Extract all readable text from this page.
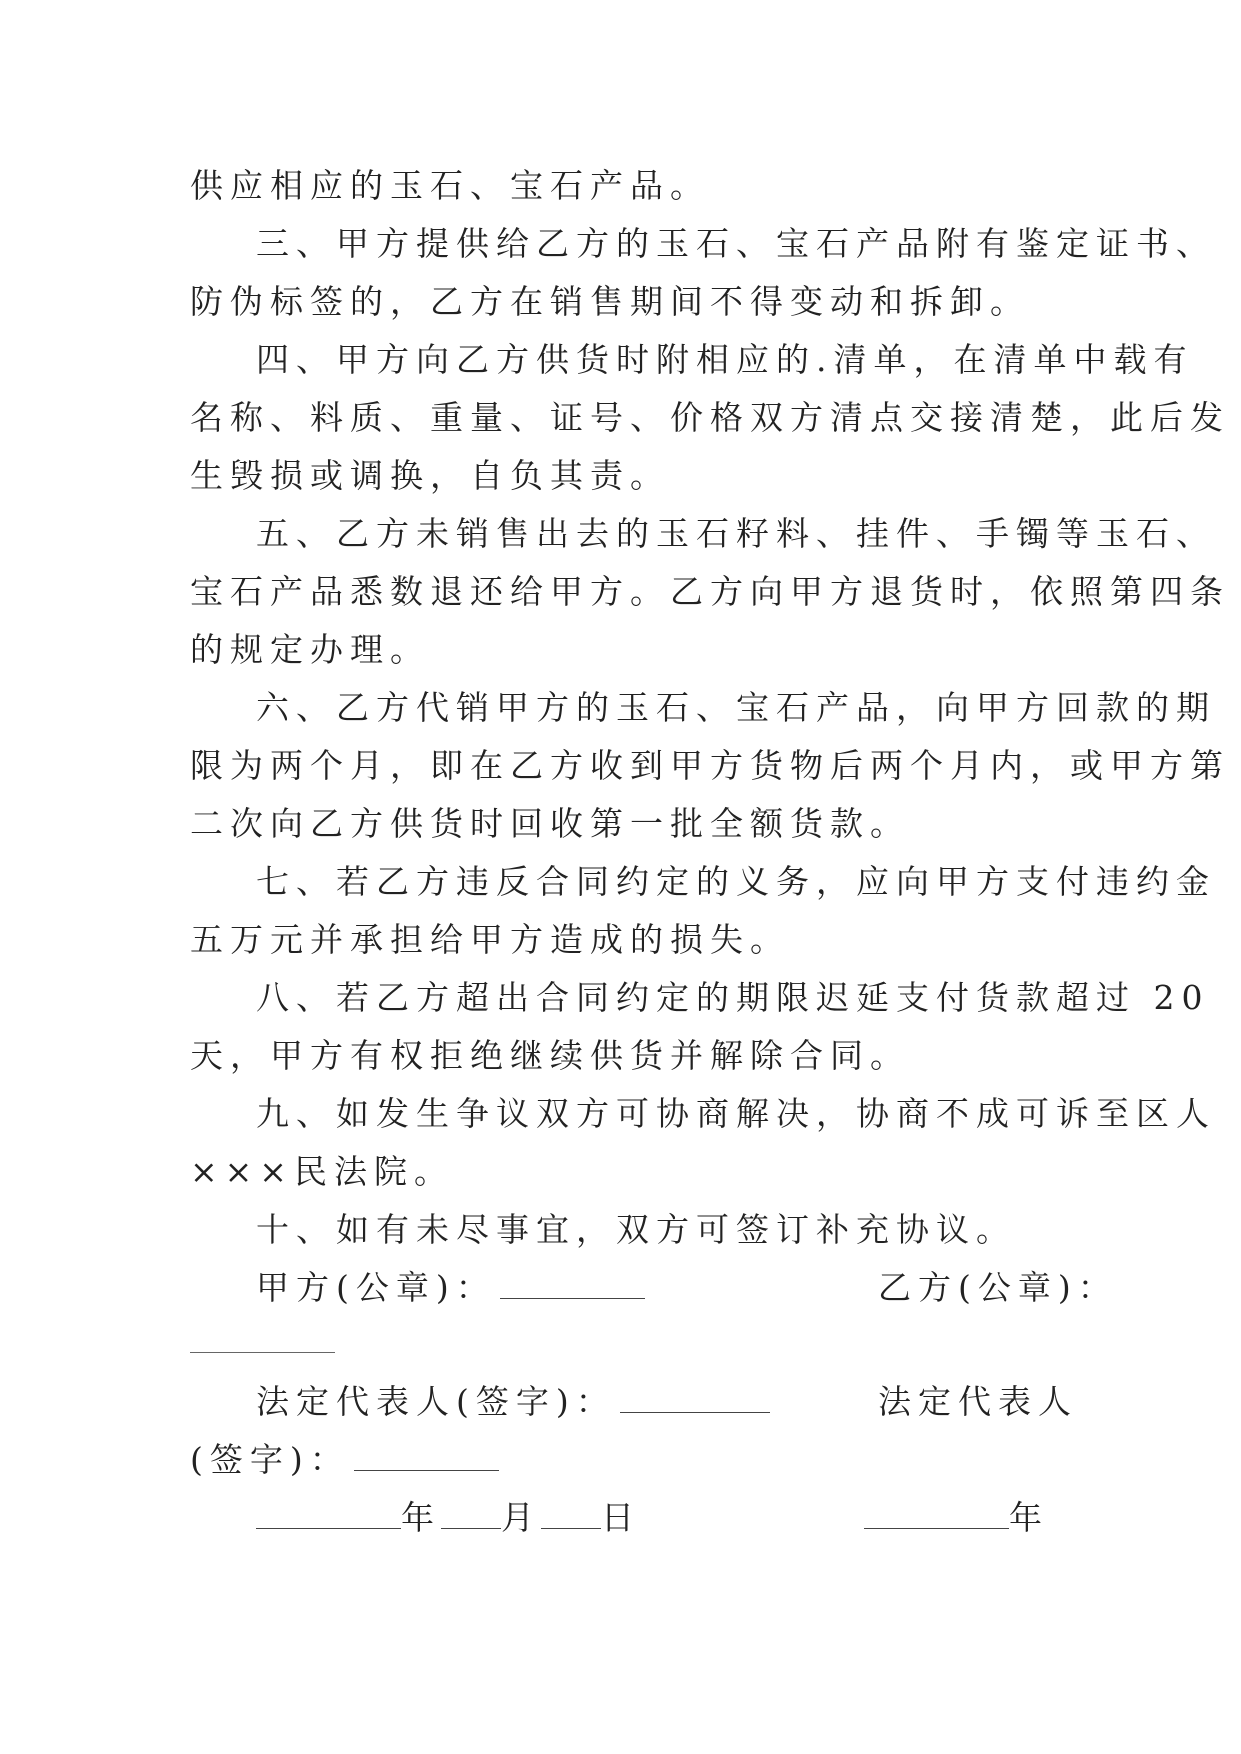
供应相应的玉石、宝石产品。
三、甲方提供给乙方的玉石、宝石产品附有鉴定证书、
防伪标签的，乙方在销售期间不得变动和拆卸。
四、甲方向乙方供货时附相应的.清单，在清单中载有
名称、料质、重量、证号、价格双方清点交接清楚，此后发
生毁损或调换，自负其责。
五、乙方未销售出去的玉石籽料、挂件、手镯等玉石、
宝石产品悉数退还给甲方。乙方向甲方退货时，依照第四条
的规定办理。
六、乙方代销甲方的玉石、宝石产品，向甲方回款的期
限为两个月，即在乙方收到甲方货物后两个月内，或甲方第
二次向乙方供货时回收第一批全额货款。
七、若乙方违反合同约定的义务，应向甲方支付违约金
五万元并承担给甲方造成的损失。
八、若乙方超出合同约定的期限迟延支付货款超过 20
天，甲方有权拒绝继续供货并解除合同。
九、如发生争议双方可协商解决，协商不成可诉至区人
×××民法院。
十、如有未尽事宜，双方可签订补充协议。
甲方(公章)：	乙方(公章)：
法定代表人(签字)：	法定代表人
(签字)：
年 月 日	年
